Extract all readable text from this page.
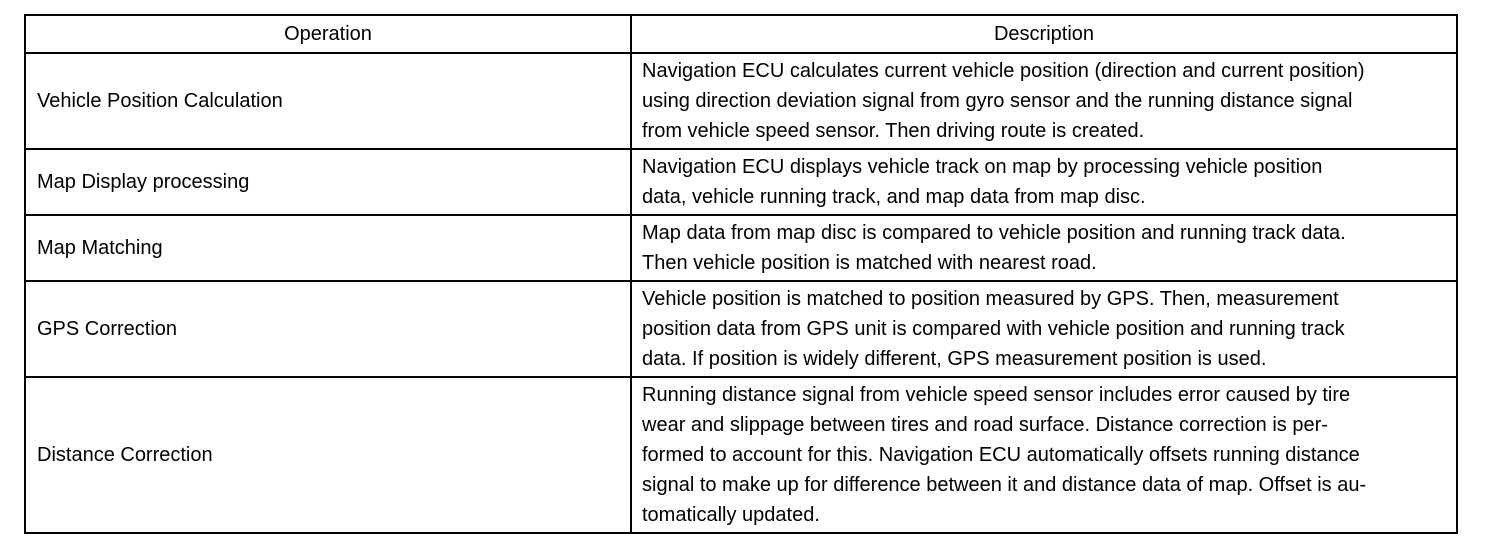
Operation	Description
Vehicle Position Calculation	Navigation ECU calculates current vehicle position (direction and current position)
using direction deviation signal from gyro sensor and the running distance signal
from vehicle speed sensor. Then driving route is created.

Map Display processing	Navigation ECU displays vehicle track on map by processing vehicle position
data, vehicle running track, and map data from map disc.

Map Matching	Map data from map disc is compared to vehicle position and running track data.
Then vehicle position is matched with nearest road.

GPS Correction	Vehicle position is matched to position measured by GPS. Then, measurement
position data from GPS unit is compared with vehicle position and running track
data. If position is widely different, GPS measurement position is used.

Distance Correction	Running distance signal from vehicle speed sensor includes error caused by tire
wear and slippage between tires and road surface. Distance correction is per-
formed to account for this. Navigation ECU automatically offsets running distance
signal to make up for difference between it and distance data of map. Offset is au-
tomatically updated.
